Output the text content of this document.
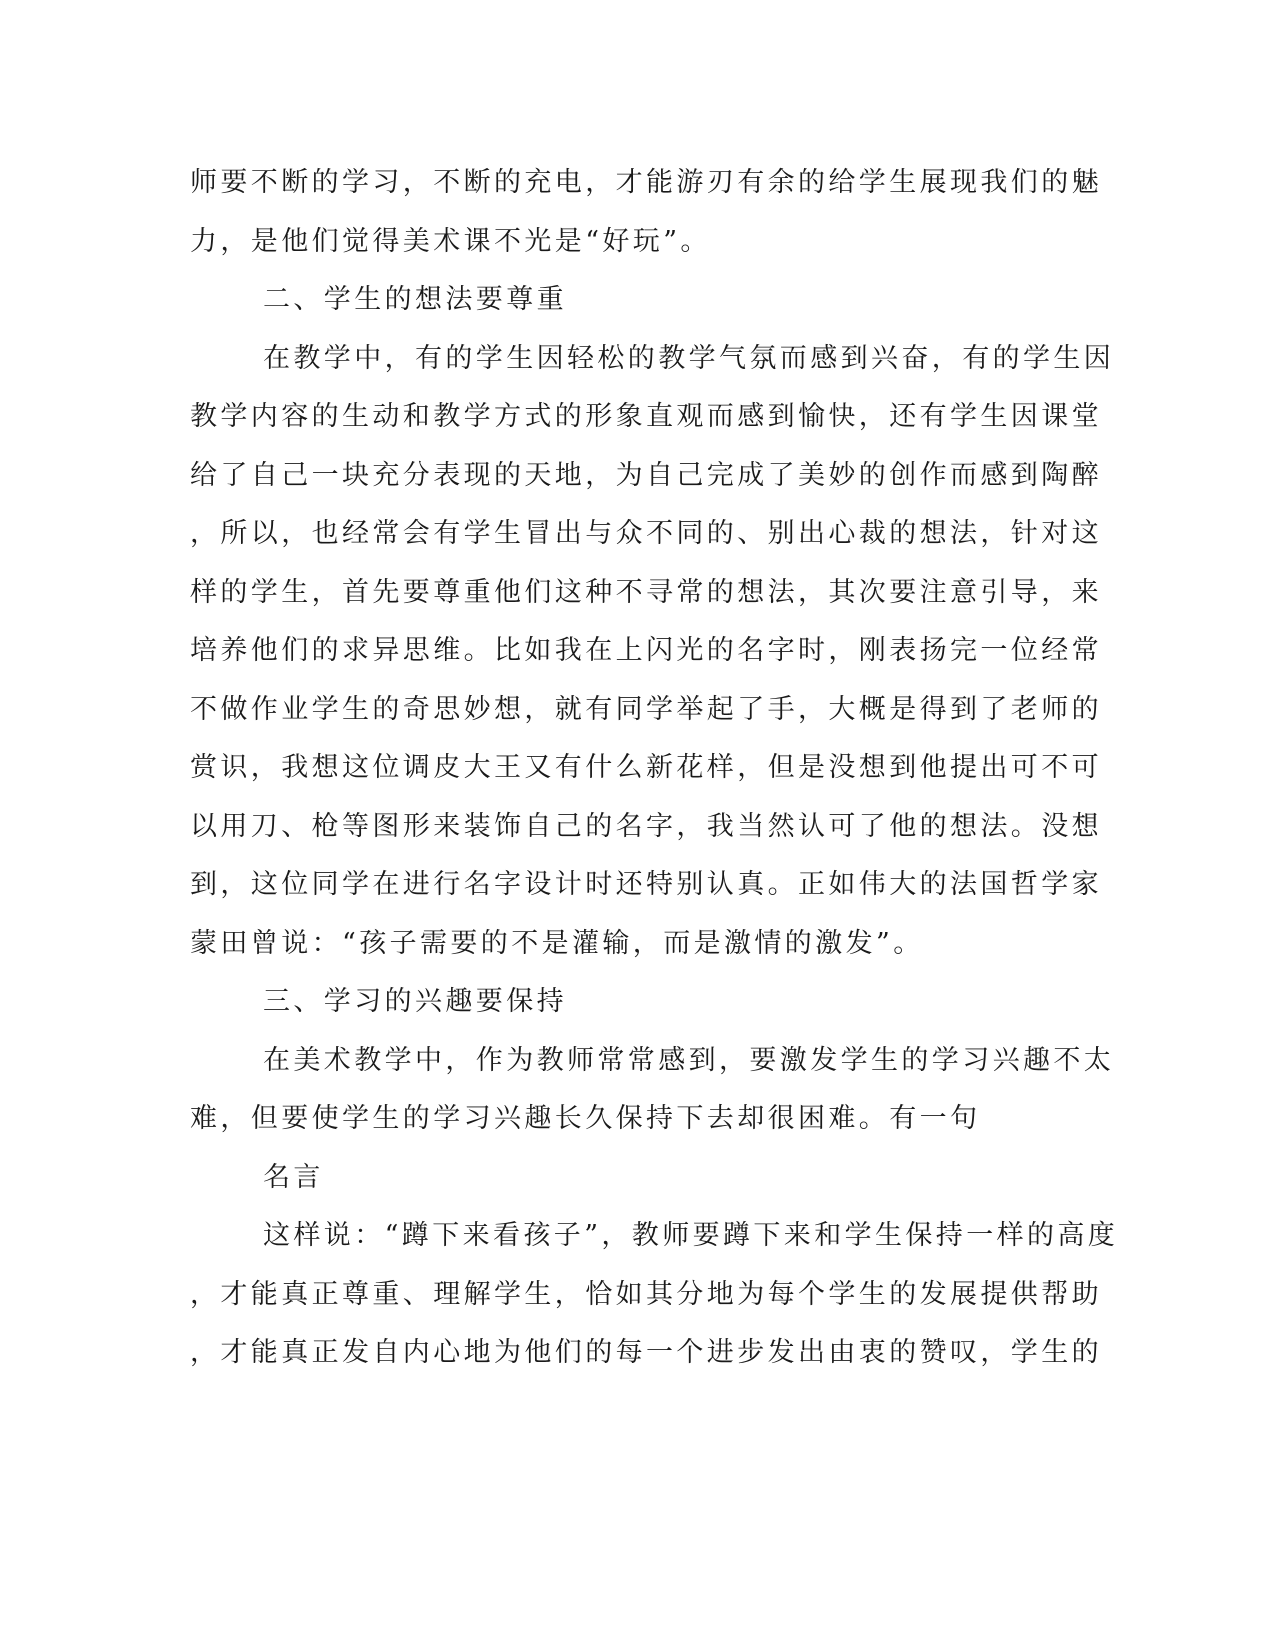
师要不断的学习，不断的充电，才能游刃有余的给学生展现我们的魅
力，是他们觉得美术课不光是“好玩”。
二、学生的想法要尊重
在教学中，有的学生因轻松的教学气氛而感到兴奋，有的学生因
教学内容的生动和教学方式的形象直观而感到愉快，还有学生因课堂
给了自己一块充分表现的天地，为自己完成了美妙的创作而感到陶醉
，所以，也经常会有学生冒出与众不同的、别出心裁的想法，针对这
样的学生，首先要尊重他们这种不寻常的想法，其次要注意引导，来
培养他们的求异思维。比如我在上闪光的名字时，刚表扬完一位经常
不做作业学生的奇思妙想，就有同学举起了手，大概是得到了老师的
赏识，我想这位调皮大王又有什么新花样，但是没想到他提出可不可
以用刀、枪等图形来装饰自己的名字，我当然认可了他的想法。没想
到，这位同学在进行名字设计时还特别认真。正如伟大的法国哲学家
蒙田曾说：“孩子需要的不是灌输，而是激情的激发”。
三、学习的兴趣要保持
在美术教学中，作为教师常常感到，要激发学生的学习兴趣不太
难，但要使学生的学习兴趣长久保持下去却很困难。有一句
名言
这样说：“蹲下来看孩子”，教师要蹲下来和学生保持一样的高度
，才能真正尊重、理解学生，恰如其分地为每个学生的发展提供帮助
，才能真正发自内心地为他们的每一个进步发出由衷的赞叹，学生的
